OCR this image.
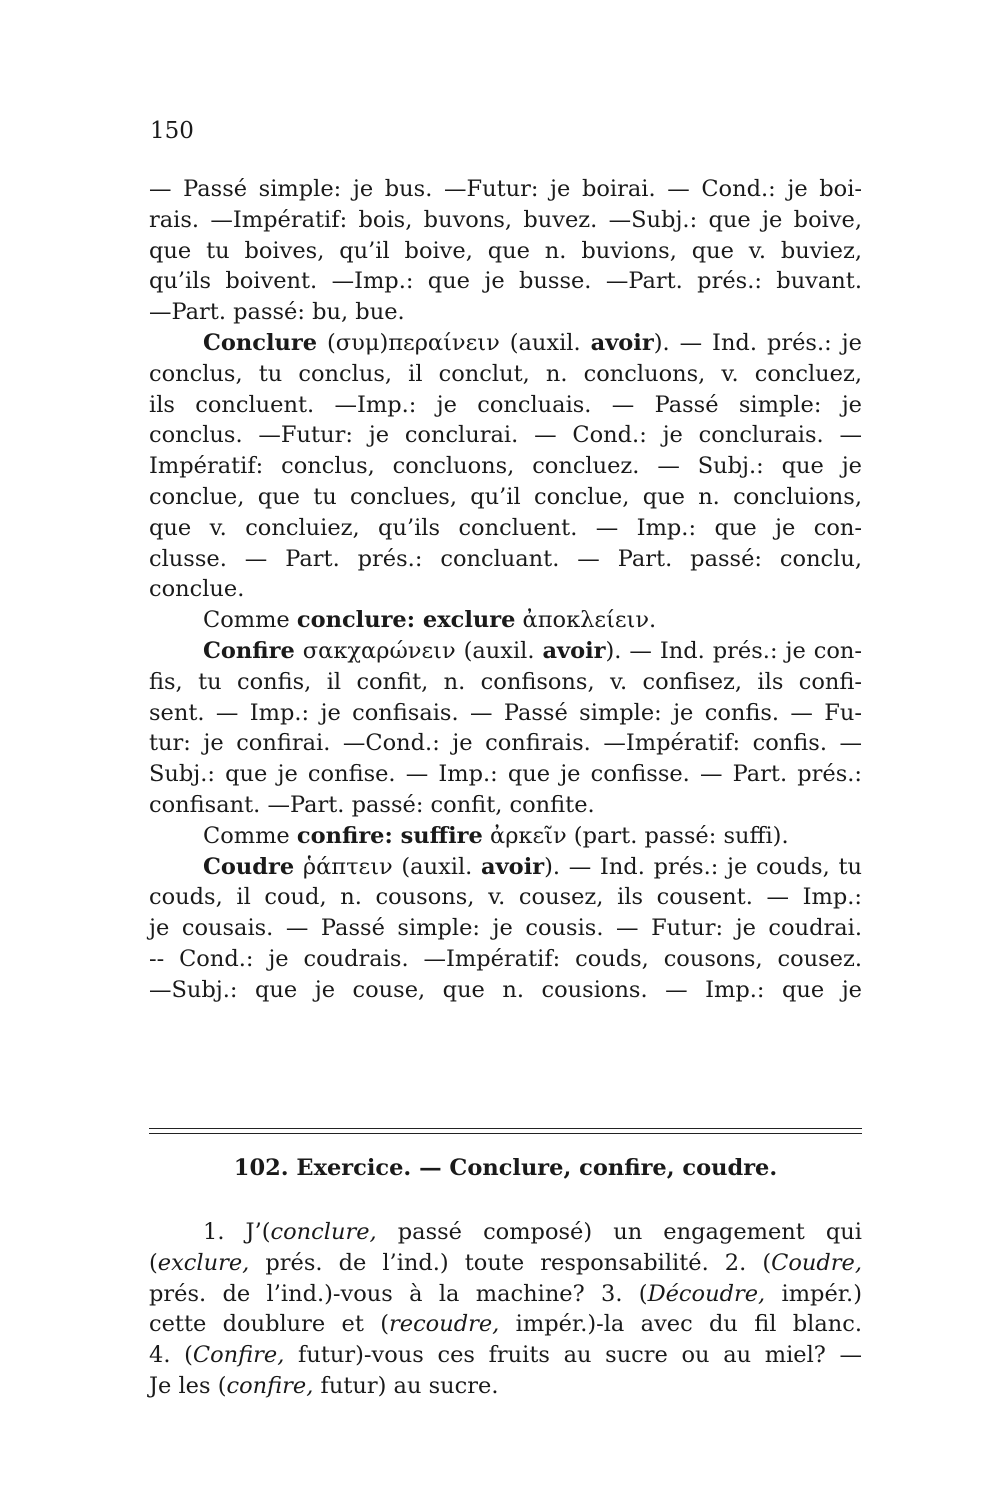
150
— Passé simple: je bus. —Futur: je boirai. — Cond.: je boi-
rais. —Impératif: bois, buvons, buvez. —Subj.: que je boive,
que tu boives, qu’il boive, que n. buvions, que v. buviez,
qu’ils boivent. —Imp.: que je busse. —Part. prés.: buvant.
—Part. passé: bu, bue.
Conclure (συμ)περαίνειν (auxil. avoir). — Ind. prés.: je
conclus, tu conclus, il conclut, n. concluons, v. concluez,
ils concluent. —Imp.: je concluais. — Passé simple: je
conclus. —Futur: je conclurai. — Cond.: je conclurais. —
Impératif: conclus, concluons, concluez. — Subj.: que je
conclue, que tu conclues, qu’il conclue, que n. concluions,
que v. concluiez, qu’ils concluent. — Imp.: que je con-
clusse. — Part. prés.: concluant. — Part. passé: conclu,
conclue.
Comme conclure: exclure ἀποκλείειν.
Confire σακχαρώνειν (auxil. avoir). — Ind. prés.: je con-
fis, tu confis, il confit, n. confisons, v. confisez, ils confi-
sent. — Imp.: je confisais. — Passé simple: je confis. — Fu-
tur: je confirai. —Cond.: je confirais. —Impératif: confis. —
Subj.: que je confise. — Imp.: que je confisse. — Part. prés.:
confisant. —Part. passé: confit, confite.
Comme confire: suffire ἀρκεῖν (part. passé: suffi).
Coudre ῥάπτειν (auxil. avoir). — Ind. prés.: je couds, tu
couds, il coud, n. cousons, v. cousez, ils cousent. — Imp.:
je cousais. — Passé simple: je cousis. — Futur: je coudrai.
-- Cond.: je coudrais. —Impératif: couds, cousons, cousez.
—Subj.: que je couse, que n. cousions. — Imp.: que je
102. Exercice. — Conclure, confire, coudre.
1. J’(conclure, passé composé) un engagement qui
(exclure, prés. de l’ind.) toute responsabilité. 2. (Coudre,
prés. de l’ind.)-vous à la machine? 3. (Découdre, impér.)
cette doublure et (recoudre, impér.)-la avec du fil blanc.
4. (Confire, futur)-vous ces fruits au sucre ou au miel? —
Je les (confire, futur) au sucre.
